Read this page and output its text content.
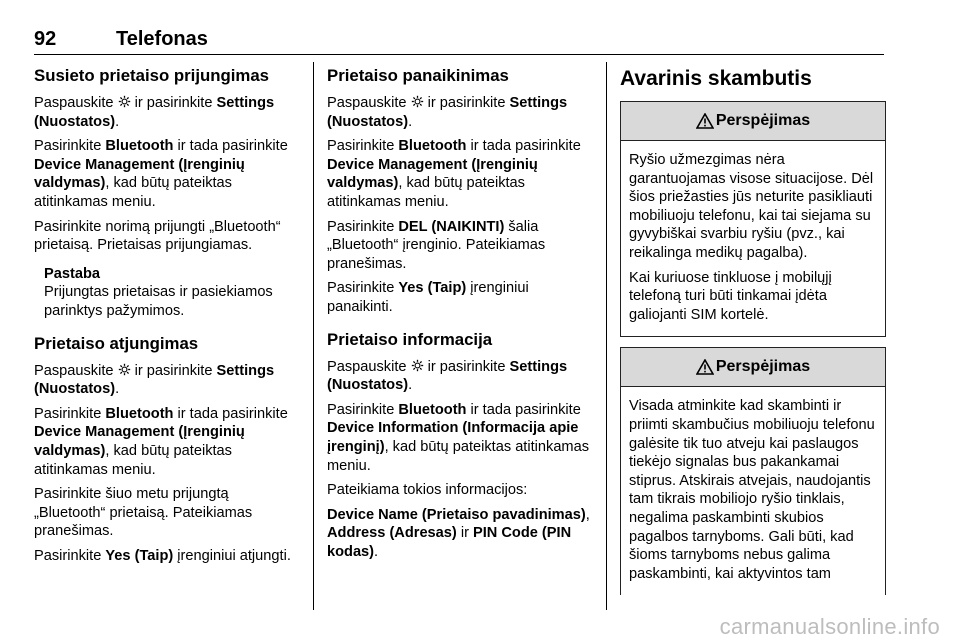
92	Telefonas
Susieto prietaiso prijungimas

Paspauskite  ir pasirinkite Settings (Nuostatos).

Pasirinkite Bluetooth ir tada pasirinkite Device Management (Įrenginių valdymas), kad būtų pateiktas atitinkamas meniu.

Pasirinkite norimą prijungti „Bluetooth“ prietaisą. Prietaisas prijungiamas.

Pastaba
Prijungtas prietaisas ir pasiekiamos parinktys pažymimos.
Prietaiso atjungimas

Paspauskite  ir pasirinkite Settings (Nuostatos).

Pasirinkite Bluetooth ir tada pasirinkite Device Management (Įrenginių valdymas), kad būtų pateiktas atitinkamas meniu.

Pasirinkite šiuo metu prijungtą „Bluetooth“ prietaisą. Pateikiamas pranešimas.

Pasirinkite Yes (Taip) įrenginiui atjungti.

Prietaiso panaikinimas

Paspauskite  ir pasirinkite Settings (Nuostatos).

Pasirinkite Bluetooth ir tada pasirinkite Device Management (Įrenginių valdymas), kad būtų pateiktas atitinkamas meniu.

Pasirinkite DEL (NAIKINTI) šalia „Bluetooth“ įrenginio. Pateikiamas pranešimas.

Pasirinkite Yes (Taip) įrenginiui panaikinti.

Prietaiso informacija

Paspauskite  ir pasirinkite Settings (Nuostatos).

Pasirinkite Bluetooth ir tada pasirinkite Device Information (Informacija apie įrenginį), kad būtų pateiktas atitinkamas meniu.

Pateikiama tokios informacijos:

Device Name (Prietaiso pavadinimas), Address (Adresas) ir PIN Code (PIN kodas).

Avarinis skambutis
Perspėjimas

Ryšio užmezgimas nėra garantuojamas visose situacijose. Dėl šios priežasties jūs neturite pasikliauti mobiliuoju telefonu, kai tai siejama su gyvybiškai svarbiu ryšiu (pvz., kai reikalinga medikų pagalba).

Kai kuriuose tinkluose į mobilųjį telefoną turi būti tinkamai įdėta galiojanti SIM kortelė.

Perspėjimas

Visada atminkite kad skambinti ir priimti skambučius mobiliuoju telefonu galėsite tik tuo atveju kai paslaugos tiekėjo signalas bus pakankamai stiprus. Atskirais atvejais, naudojantis tam tikrais mobiliojo ryšio tinklais, negalima paskambinti skubios pagalbos tarnyboms. Gali būti, kad šioms tarnyboms nebus galima paskambinti, kai aktyvintos tam

carmanualsonline.info
